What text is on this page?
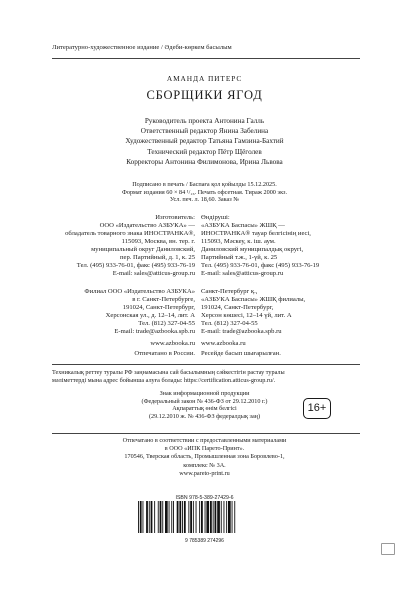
Литературно-художественное издание / Әдеби-көркем басылым
АМАНДА ПИТЕРС
СБОРЩИКИ ЯГОД
Руководитель проекта Антонина Галль
Ответственный редактор Янина Забелина
Художественный редактор Татьяна Гамзина-Бахтий
Технический редактор Пётр Щёголев
Корректоры Антонина Филимонова, Ирина Львова
Подписано в печать / Баспаға қол қойылды 15.12.2025.
Формат издания 60 × 84 ¹/₁₆. Печать офсетная. Тираж 2000 экз.
Усл. печ. л. 18,60. Заказ №
Изготовитель:
ООО «Издательство АЗБУКА» —
обладатель товарного знака ИНОСТРАНКА®,
115093, Москва, вн. тер. г.
муниципальный округ Даниловский,
пер. Партийный, д. 1, к. 25
Тел. (495) 933-76-01, факс (495) 933-76-19
E-mail: sales@atticus-group.ru
Өндіруші:
«АЗБУКА Баспасы» ЖШҚ —
ИНОСТРАНКА® тауар белгісінің иесі,
115093, Мәскеу, к. іш. аум.
Даниловский муниципалдық округі,
Партийный т.ж., 1-үй, к. 25
Тел. (495) 933-76-01, факс (495) 933-76-19
E-mail: sales@atticus-group.ru
Филиал ООО «Издательство АЗБУКА»
в г. Санкт-Петербурге,
191024, Санкт-Петербург,
Херсонская ул., д. 12–14, лит. А
Тел. (812) 327-04-55
E-mail: trade@azbooka.spb.ru
Санкт-Петербург қ.,
«АЗБУКА Баспасы» ЖШҚ филиалы,
191024, Санкт-Петербург,
Херсон көшесі, 12–14 үй, лит. А
Тел. (812) 327-04-55
E-mail: trade@azbooka.spb.ru
www.azbooka.ru
Отпечатано в России.
www.azbooka.ru
Ресейде басып шығарылған.
Техникалық реттеу туралы РФ заңнамасына сай басылымның сәйкестігін растау туралы
мәліметтерді мына адрес бойынша алуға болады: https://certification.atticus-group.ru/.
Знак информационной продукции
(Федеральный закон № 436-ФЗ от 29.12.2010 г.)
Ақпараттық өнім белгісі
(29.12.2010 ж. № 436-ФЗ федералдық заң)
16+
Отпечатано в соответствии с предоставленными материалами
в ООО «ИПК Парето-Принт».
170546, Тверская область, Промышленная зона Боровлево-1,
комплекс № 3А.
www.pareto-print.ru
ISBN 978-5-389-27429-6
9 785389 274296
